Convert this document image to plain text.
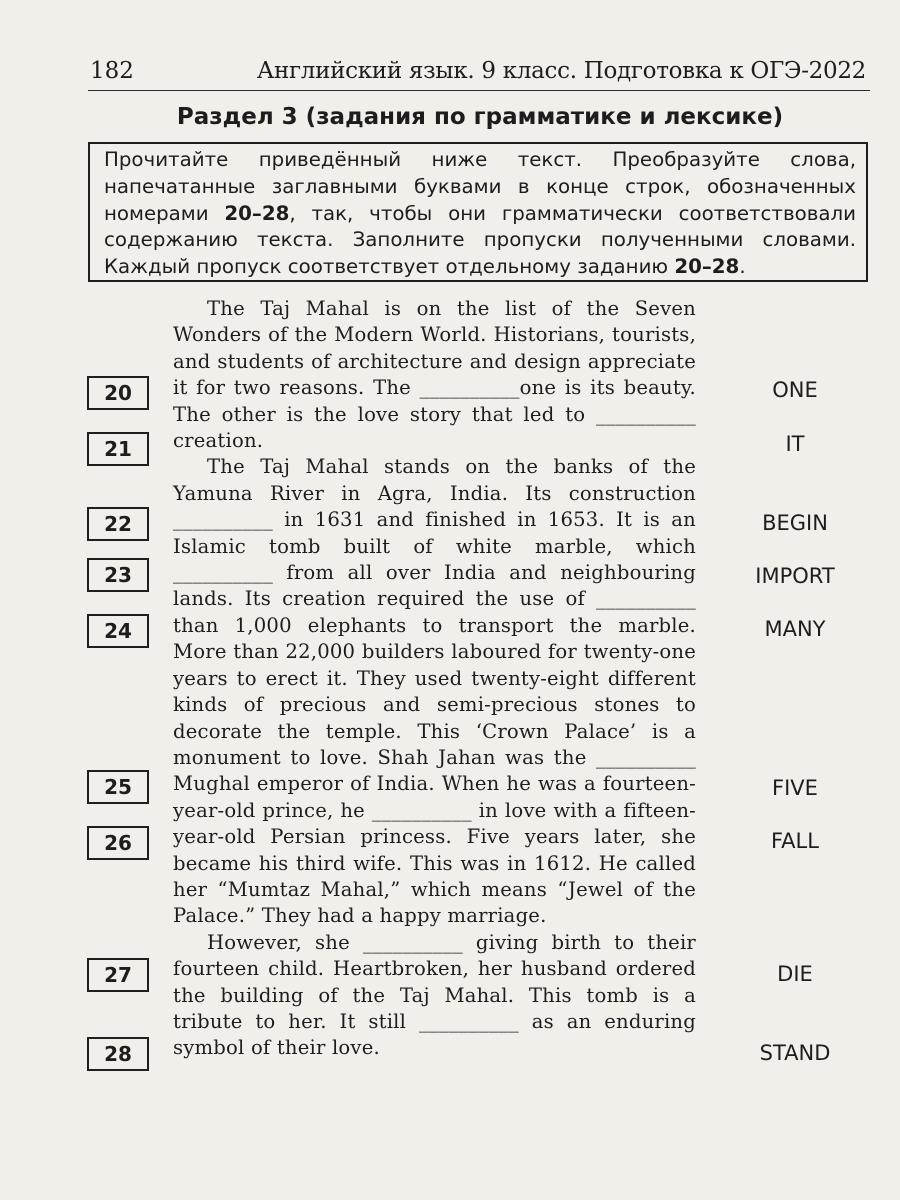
182	Английский язык. 9 класс. Подготовка к ОГЭ-2022
Раздел 3 (задания по грамматике и лексике)
Прочитайте приведённый ниже текст. Преобразуйте слова, напечатанные заглавными буквами в конце строк, обозначенных номерами 20–28, так, чтобы они грамматически соответствовали содержанию текста. Заполните пропуски полученными словами. Каждый пропуск соответствует отдельному заданию 20–28.

The Taj Mahal is on the list of the Seven Wonders of the Modern World. Historians, tourists, and students of architecture and design appreciate it for two reasons. The __________one is its beauty. The other is the love story that led to __________ creation.

The Taj Mahal stands on the banks of the Yamuna River in Agra, India. Its construction __________ in 1631 and finished in 1653. It is an Islamic tomb built of white marble, which __________ from all over India and neighbouring lands. Its creation required the use of __________ than 1,000 elephants to transport the marble. More than 22,000 builders laboured for twenty-one years to erect it. They used twenty-eight different kinds of precious and semi-precious stones to decorate the temple. This ‘Crown Palace’ is a monument to love. Shah Jahan was the __________ Mughal emperor of India. When he was a fourteen-year-old prince, he __________ in love with a fifteen-year-old Persian princess. Five years later, she became his third wife. This was in 1612. He called her “Mumtaz Mahal,” which means “Jewel of the Palace.” They had a happy marriage.

However, she __________ giving birth to their fourteen child. Heartbroken, her husband ordered the building of the Taj Mahal. This tomb is a tribute to her. It still __________ as an enduring symbol of their love.

20
21
22
23
24
25
26
27
28
ONE
IT
BEGIN
IMPORT
MANY
FIVE
FALL
DIE
STAND
